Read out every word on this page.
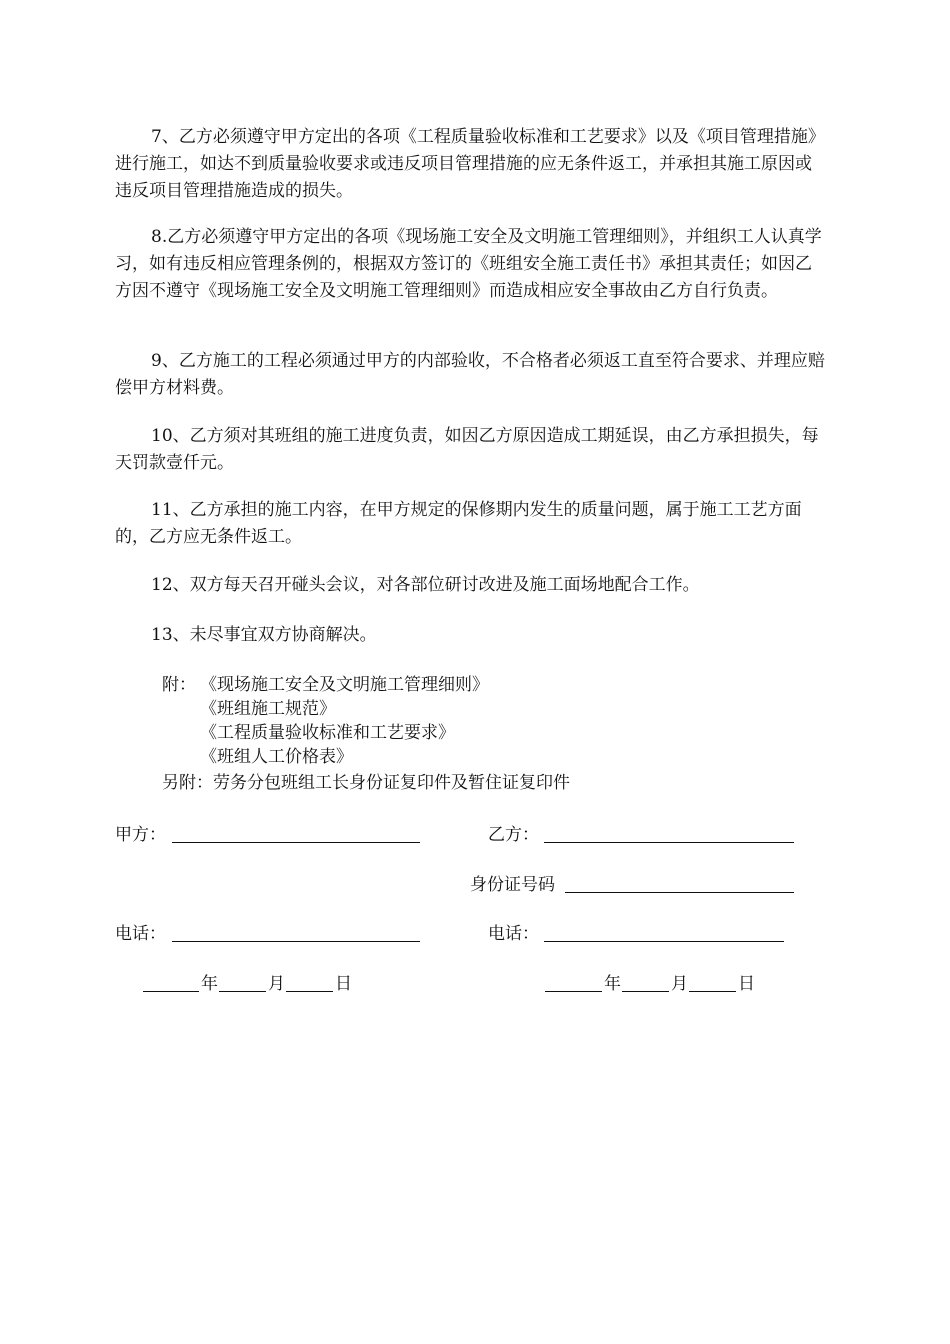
7、乙方必须遵守甲方定出的各项《工程质量验收标准和工艺要求》以及《项目管理措施》进行施工，如达不到质量验收要求或违反项目管理措施的应无条件返工，并承担其施工原因或违反项目管理措施造成的损失。
8.乙方必须遵守甲方定出的各项《现场施工安全及文明施工管理细则》，并组织工人认真学习，如有违反相应管理条例的，根据双方签订的《班组安全施工责任书》承担其责任；如因乙方因不遵守《现场施工安全及文明施工管理细则》而造成相应安全事故由乙方自行负责。
9、乙方施工的工程必须通过甲方的内部验收，不合格者必须返工直至符合要求、并理应赔偿甲方材料费。
10、乙方须对其班组的施工进度负责，如因乙方原因造成工期延误，由乙方承担损失，每天罚款壹仟元。
11、乙方承担的施工内容，在甲方规定的保修期内发生的质量问题，属于施工工艺方面的，乙方应无条件返工。
12、双方每天召开碰头会议，对各部位研讨改进及施工面场地配合工作。
13、未尽事宜双方协商解决。
附： 《现场施工安全及文明施工管理细则》
《班组施工规范》
《工程质量验收标准和工艺要求》
《班组人工价格表》
另附：劳务分包班组工长身份证复印件及暂住证复印件
甲方：	乙方：
身份证号码
电话：	电话：
年	月	日	年	月	日
